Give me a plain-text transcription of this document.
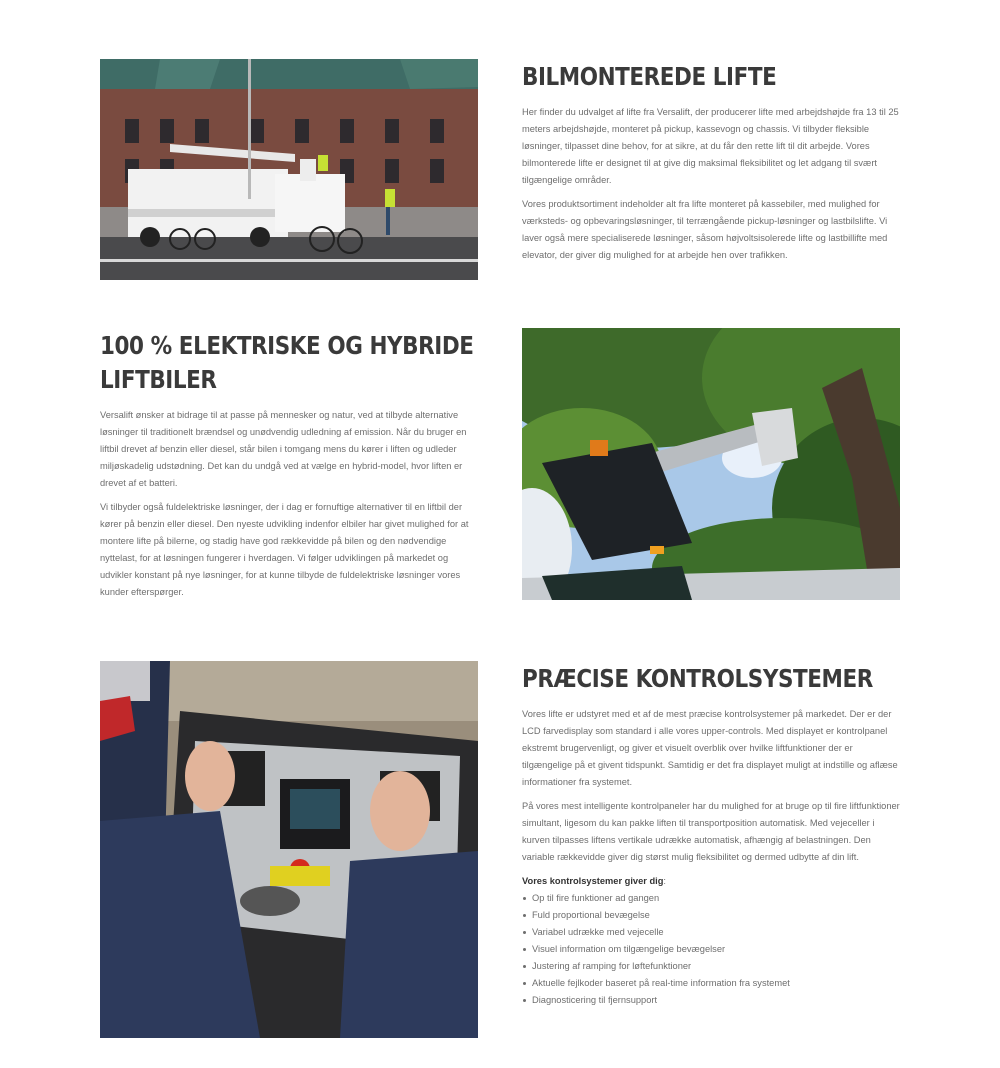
BILMONTEREDE LIFTE

Her finder du udvalget af lifte fra Versalift, der producerer lifte med arbejdshøjde fra 13 til 25 meters arbejdshøjde, monteret på pickup, kassevogn og chassis. Vi tilbyder fleksible løsninger, tilpasset dine behov, for at sikre, at du får den rette lift til dit arbejde. Vores bilmonterede lifte er designet til at give dig maksimal fleksibilitet og let adgang til svært tilgængelige områder.

Vores produktsortiment indeholder alt fra lifte monteret på kassebiler, med mulighed for værksteds- og opbevaringsløsninger, til terrængående pickup-løsninger og lastbilslifte. Vi laver også mere specialiserede løsninger, såsom højvoltsisolerede lifte og lastbillifte med elevator, der giver dig mulighed for at arbejde hen over trafikken.

100 % ELEKTRISKE OG HYBRIDE
LIFTBILER

Versalift ønsker at bidrage til at passe på mennesker og natur, ved at tilbyde alternative løsninger til traditionelt brændsel og unødvendig udledning af emission. Når du bruger en liftbil drevet af benzin eller diesel, står bilen i tomgang mens du kører i liften og udleder miljøskadelig udstødning. Det kan du undgå ved at vælge en hybrid-model, hvor liften er drevet af et batteri.

Vi tilbyder også fuldelektriske løsninger, der i dag er fornuftige alternativer til en liftbil der kører på benzin eller diesel. Den nyeste udvikling indenfor elbiler har givet mulighed for at montere lifte på bilerne, og stadig have god rækkevidde på bilen og den nødvendige nyttelast, for at løsningen fungerer i hverdagen. Vi følger udviklingen på markedet og udvikler konstant på nye løsninger, for at kunne tilbyde de fuldelektriske løsninger vores kunder efterspørger.

PRÆCISE KONTROLSYSTEMER

Vores lifte er udstyret med et af de mest præcise kontrolsystemer på markedet. Der er der LCD farvedisplay som standard i alle vores upper-controls. Med displayet er kontrolpanel ekstremt brugervenligt, og giver et visuelt overblik over hvilke liftfunktioner der er tilgængelige på et givent tidspunkt. Samtidig er det fra displayet muligt at indstille og aflæse informationer fra systemet.

På vores mest intelligente kontrolpaneler har du mulighed for at bruge op til fire liftfunktioner simultant, ligesom du kan pakke liften til transportposition automatisk. Med vejeceller i kurven tilpasses liftens vertikale udrække automatisk, afhængig af belastningen. Den variable rækkevidde giver dig størst mulig fleksibilitet og dermed udbytte af din lift.

Vores kontrolsystemer giver dig:
Op til fire funktioner ad gangen
Fuld proportional bevægelse
Variabel udrække med vejecelle
Visuel information om tilgængelige bevægelser
Justering af ramping for løftefunktioner
Aktuelle fejlkoder baseret på real-time information fra systemet
Diagnosticering til fjernsupport
